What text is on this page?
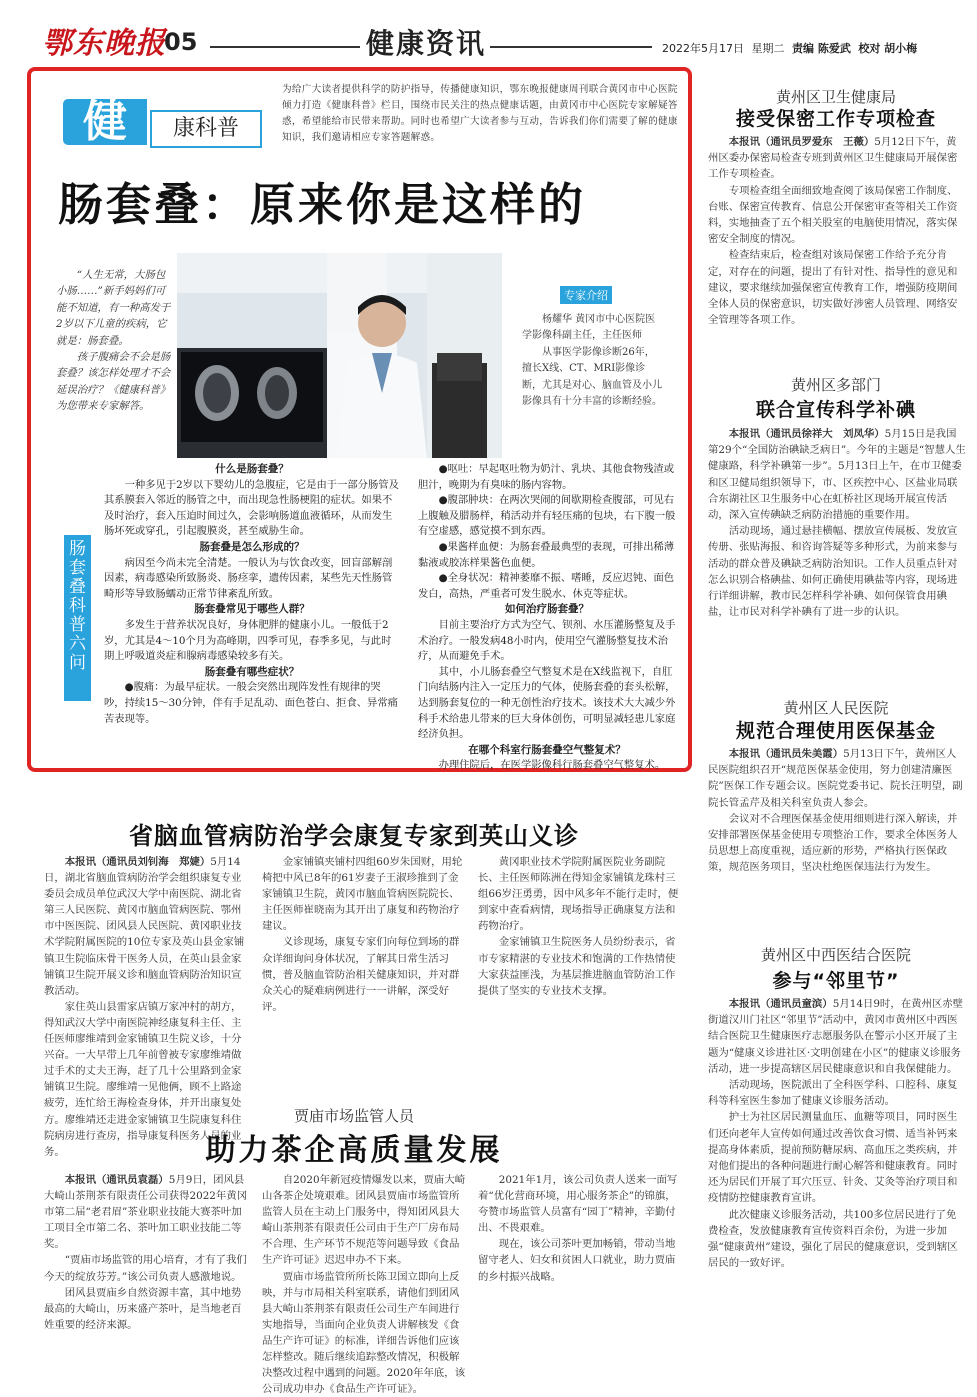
鄂东晚报
05	健康资讯	2022年5月17日 星期二 责编 陈爱武 校对 胡小梅
健	康科普
为给广大读者提供科学的防护指导，传播健康知识，鄂东晚报健康周刊联合黄冈市中心医院倾力打造《健康科普》栏目，围绕市民关注的热点健康话题，由黄冈市中心医院专家解疑答惑，希望能给市民带来帮助。同时也希望广大读者参与互动，告诉我们你们需要了解的健康知识，我们邀请相应专家答题解惑。
肠套叠：原来你是这样的

“人生无常，大肠包小肠……”新手妈妈们可能不知道，有一种高发于2岁以下儿童的疾病，它就是：肠套叠。

孩子腹痛会不会是肠套叠？该怎样处理才不会延误治疗？《健康科普》为您带来专家解答。

专家介绍

杨耀华 黄冈市中心医院医学影像科副主任，主任医师

从事医学影像诊断26年，擅长X线、CT、MRI影像诊断，尤其是对心、脑血管及小儿影像具有十分丰富的诊断经验。

肠套叠科普六问
什么是肠套叠？

一种多见于2岁以下婴幼儿的急腹症，它是由于一部分肠管及其系膜套入邻近的肠管之中，而出现急性肠梗阻的症状。如果不及时治疗，套入压迫时间过久，会影响肠道血液循环，从而发生肠坏死或穿孔，引起腹膜炎，甚至威胁生命。

肠套叠是怎么形成的？

病因至今尚未完全清楚。一般认为与饮食改变，回盲部解剖因素，病毒感染所致肠炎、肠痉挛，遗传因素，某些先天性肠管畸形等导致肠蠕动正常节律紊乱所致。

肠套叠常见于哪些人群？

多发生于营养状况良好，身体肥胖的健康小儿。一般低于2岁，尤其是4～10个月为高峰期，四季可见，春季多见，与此时期上呼吸道炎症和腺病毒感染较多有关。

肠套叠有哪些症状？

●腹痛：为最早症状。一般会突然出现阵发性有规律的哭吵，持续15～30分钟，伴有手足乱动、面色苍白、拒食、异常痛苦表现等。

●呕吐：早起呕吐物为奶汁、乳块、其他食物残渣或胆汁，晚期为有臭味的肠内容物。

●腹部肿块：在两次哭闹的间歇期检查腹部，可见右上腹触及腊肠样，稍活动并有轻压痛的包块，右下腹一般有空虚感，感觉摸不到东西。

●果酱样血便：为肠套叠最典型的表现，可排出稀薄黏液或胶冻样果酱色血便。

●全身状况：精神萎靡不振、嗜睡，反应迟钝、面色发白，高热，严重者可发生脱水、休克等症状。

如何治疗肠套叠？

目前主要治疗方式为空气、钡剂、水压灌肠整复及手术治疗。一般发病48小时内，使用空气灌肠整复技术治疗，从而避免手术。

其中，小儿肠套叠空气整复术是在X线监视下，自肛门向结肠内注入一定压力的气体，使肠套叠的套头松解，达到肠套复位的一种无创性治疗技术。该技术大大减少外科手术给患儿带来的巨大身体创伤，可明显减轻患儿家庭经济负担。

在哪个科室行肠套叠空气整复术？

办理住院后，在医学影像科行肠套叠空气整复术。

黄州区卫生健康局
接受保密工作专项检查

本报讯（通讯员罗爱东　王薇）5月12日下午，黄州区委办保密局检查专班到黄州区卫生健康局开展保密工作专项检查。

专项检查组全面细致地查阅了该局保密工作制度、台账、保密宣传教育、信息公开保密审查等相关工作资料，实地抽查了五个相关股室的电脑使用情况，落实保密安全制度的情况。

检查结束后，检查组对该局保密工作给予充分肯定，对存在的问题，提出了有针对性、指导性的意见和建议，要求继续加强保密宣传教育工作，增强防疫期间全体人员的保密意识，切实做好涉密人员管理、网络安全管理等各项工作。

黄州区多部门
联合宣传科学补碘

本报讯（通讯员徐祥大　刘凤华）5月15日是我国第29个“全国防治碘缺乏病日”。今年的主题是“智慧人生健康路，科学补碘第一步”。5月13日上午，在市卫健委和区卫健局组织领导下，市、区疾控中心、区盐业局联合东湖社区卫生服务中心在虹桥社区现场开展宣传活动，深入宣传碘缺乏病防治措施的重要作用。

活动现场，通过悬挂横幅、摆放宣传展板、发放宣传册、张贴海报、和咨询答疑等多种形式，为前来参与活动的群众普及碘缺乏病防治知识。工作人员重点针对怎么识别合格碘盐、如何正确使用碘盐等内容，现场进行详细讲解，教市民怎样科学补碘、如何保管食用碘盐，让市民对科学补碘有了进一步的认识。

黄州区人民医院
规范合理使用医保基金

本报讯（通讯员朱美霞）5月13日下午，黄州区人民医院组织召开“规范医保基金使用，努力创建清廉医院”医保工作专题会议。医院党委书记、院长汪明望，副院长管孟芹及相关科室负责人参会。

会议对不合理医保基金使用细则进行深入解读，并安排部署医保基金使用专项整治工作，要求全体医务人员思想上高度重视，适应新的形势，严格执行医保政策，规范医务项目，坚决杜绝医保违法行为发生。

黄州区中西医结合医院
参与“邻里节”

本报讯（通讯员童滨）5月14日9时，在黄州区赤壁街道汉川门社区“邻里节”活动中，黄冈市黄州区中西医结合医院卫生健康医疗志愿服务队在警示小区开展了主题为“健康义诊进社区·文明创建在小区”的健康义诊服务活动，进一步提高辖区居民健康意识和自我保健能力。

活动现场，医院派出了全科医学科、口腔科、康复科等科室医生参加了健康义诊服务活动。

护士为社区居民测量血压、血糖等项目，同时医生们还向老年人宣传如何通过改善饮食习惯、适当补钙来提高身体素质，提前预防糖尿病、高血压之类疾病，并对他们提出的各种问题进行耐心解答和健康教育。同时还为居民们开展了耳穴压豆、针灸、艾灸等治疗项目和疫情防控健康教育宣讲。

此次健康义诊服务活动，共100多位居民进行了免费检查，发放健康教育宣传资料百余份，为进一步加强“健康黄州”建设，强化了居民的健康意识，受到辖区居民的一致好评。

省脑血管病防治学会康复专家到英山义诊

本报讯（通讯员刘钊海　郑婕）5月14日，湖北省脑血管病防治学会组织康复专业委员会成员单位武汉大学中南医院、湖北省第三人民医院、黄冈市脑血管病医院、鄂州市中医医院、团风县人民医院、黄冈职业技术学院附属医院的10位专家及英山县金家铺镇卫生院临床骨干医务人员，在英山县金家铺镇卫生院开展义诊和脑血管病防治知识宣教活动。

家住英山县雷家店镇万家冲村的胡方，得知武汉大学中南医院神经康复科主任、主任医师廖维靖到金家铺镇卫生院义诊，十分兴奋。一大早带上几年前曾被专家廖维靖做过手术的丈夫王海，赶了几十公里路到金家铺镇卫生院。廖维靖一见他俩，顾不上路途疲劳，连忙给王海检查身体，并开出康复处方。廖维靖还走进金家铺镇卫生院康复科住院病房进行查房，指导康复科医务人员的业务。

金家铺镇夹铺村四组60岁朱国财，用轮椅把中风已8年的61岁妻子王淑珍推到了金家铺镇卫生院，黄冈市脑血管病医院院长、主任医师崔晓南为其开出了康复和药物治疗建议。

义诊现场，康复专家们向每位到场的群众详细询问身体状况，了解其日常生活习惯，普及脑血管防治相关健康知识，并对群众关心的疑难病例进行一一讲解，深受好评。

黄冈职业技术学院附属医院业务副院长、主任医师陈洲在得知金家铺镇龙珠村三组66岁汪勇勇，因中风多年不能行走时，便到家中查看病情，现场指导正确康复方法和药物治疗。

金家铺镇卫生院医务人员纷纷表示，省市专家精湛的专业技术和饱满的工作热情使大家获益匪浅，为基层推进脑血管防治工作提供了坚实的专业技术支撑。

贾庙市场监管人员
助力茶企高质量发展

本报讯（通讯员袁磊）5月9日，团风县大崎山茶荆茶有限责任公司获得2022年黄冈市第二届“老君眉”茶业职业技能大赛茶叶加工项目全市第二名、茶叶加工职业技能二等奖。

“贾庙市场监管的用心培育，才有了我们今天的绽放芬芳。”该公司负责人感激地说。

团风县贾庙乡自然资源丰富，其中地势最高的大崎山，历来盛产茶叶，是当地老百姓重要的经济来源。

自2020年新冠疫情爆发以来，贾庙大崎山各茶企处境艰难。团风县贾庙市场监管所监管人员在主动上门服务中，得知团风县大崎山茶荆茶有限责任公司由于生产厂房布局不合理、生产环节不规范等问题导致《食品生产许可证》迟迟申办不下来。

贾庙市场监管所所长陈卫国立即向上反映，并与市局相关科室联系，请他们到团风县大崎山茶荆茶有限责任公司生产车间进行实地指导，当面向企业负责人讲解核发《食品生产许可证》的标准，详细告诉他们应该怎样整改。随后继续追踪整改情况，积极解决整改过程中遇到的问题。2020年年底，该公司成功申办《食品生产许可证》。

2021年1月，该公司负责人送来一面写着“优化营商环境，用心服务茶企”的锦旗，夸赞市场监管人员富有“园丁”精神，辛勤付出、不畏艰难。

现在，该公司茶叶更加畅销，带动当地留守老人、妇女和贫困人口就业，助力贾庙的乡村振兴战略。
